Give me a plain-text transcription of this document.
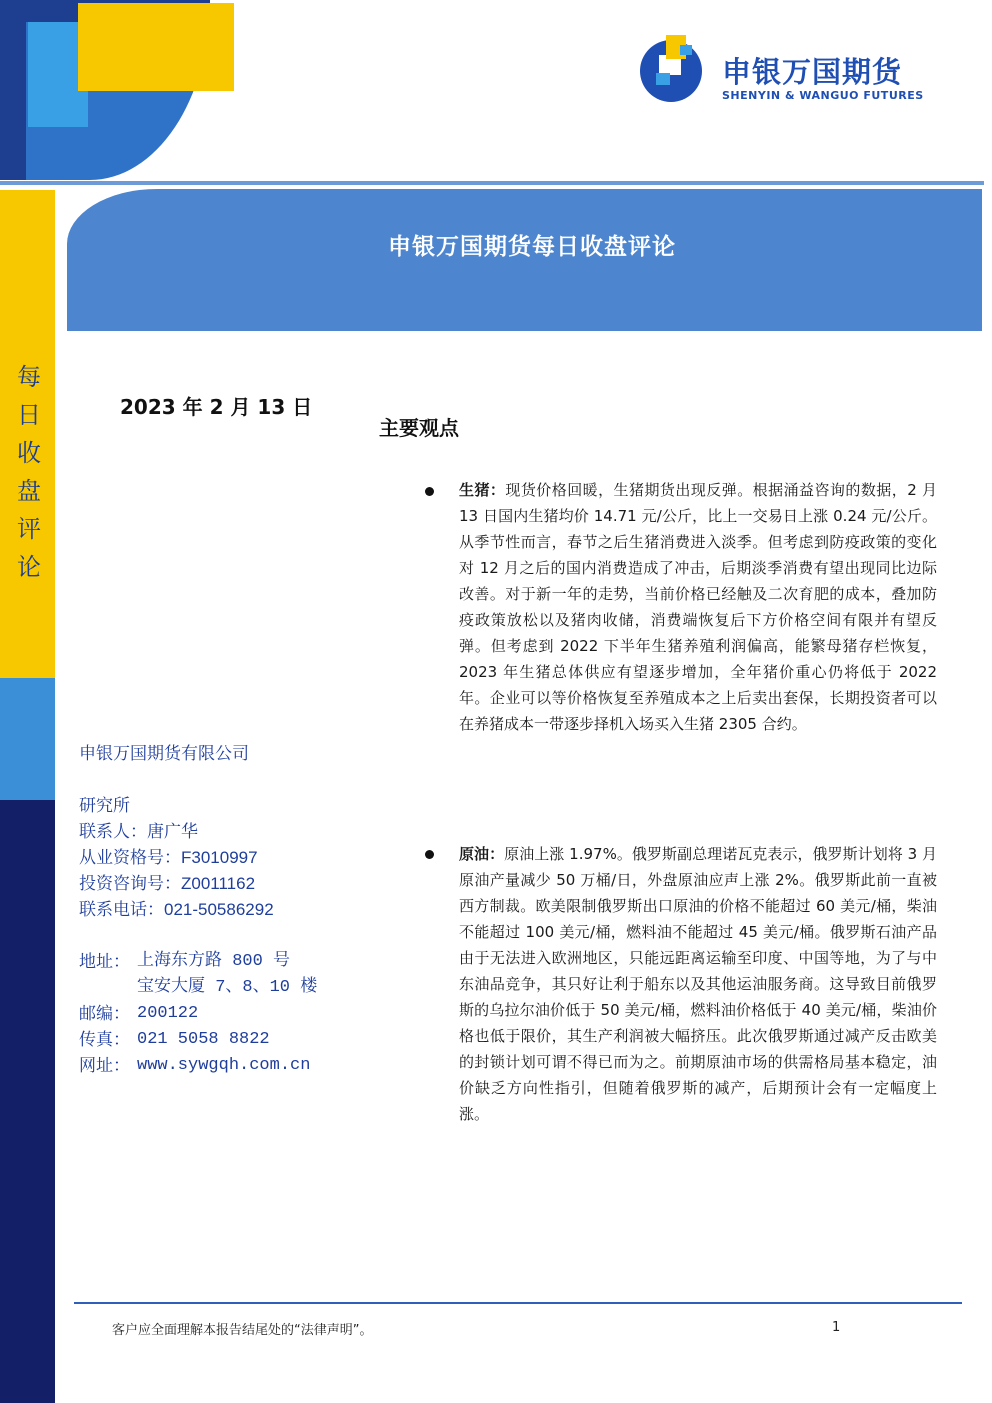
每日收盘评论
申银万国期货
SHENYIN & WANGUO FUTURES
申银万国期货每日收盘评论
2023 年 2 月 13 日
主要观点
生猪：现货价格回暖，生猪期货出现反弹。根据涌益咨询的数据，2 月 13 日国内生猪均价 14.71 元/公斤，比上一交易日上涨 0.24 元/公斤。从季节性而言，春节之后生猪消费进入淡季。但考虑到防疫政策的变化对 12 月之后的国内消费造成了冲击，后期淡季消费有望出现同比边际改善。对于新一年的走势，当前价格已经触及二次育肥的成本，叠加防疫政策放松以及猪肉收储，消费端恢复后下方价格空间有限并有望反弹。但考虑到 2022 下半年生猪养殖利润偏高，能繁母猪存栏恢复，2023 年生猪总体供应有望逐步增加，全年猪价重心仍将低于 2022 年。企业可以等价格恢复至养殖成本之上后卖出套保，长期投资者可以在养猪成本一带逐步择机入场买入生猪 2305 合约。
原油：原油上涨 1.97%。俄罗斯副总理诺瓦克表示，俄罗斯计划将 3 月原油产量减少 50 万桶/日，外盘原油应声上涨 2%。俄罗斯此前一直被西方制裁。欧美限制俄罗斯出口原油的价格不能超过 60 美元/桶，柴油不能超过 100 美元/桶，燃料油不能超过 45 美元/桶。俄罗斯石油产品由于无法进入欧洲地区，只能远距离运输至印度、中国等地，为了与中东油品竞争，其只好让利于船东以及其他运油服务商。这导致目前俄罗斯的乌拉尔油价低于 50 美元/桶，燃料油价格低于 40 美元/桶，柴油价格也低于限价，其生产利润被大幅挤压。此次俄罗斯通过减产反击欧美的封锁计划可谓不得已而为之。前期原油市场的供需格局基本稳定，油价缺乏方向性指引，但随着俄罗斯的减产，后期预计会有一定幅度上涨。
申银万国期货有限公司
研究所
联系人：唐广华
从业资格号：F3010997
投资咨询号：Z0011162
联系电话：021-50586292
地址： 上海东方路 800 号
宝安大厦 7、8、10 楼
邮编： 200122
传真： 021 5058 8822
网址： www.sywgqh.com.cn
客户应全面理解本报告结尾处的“法律声明”。	1
